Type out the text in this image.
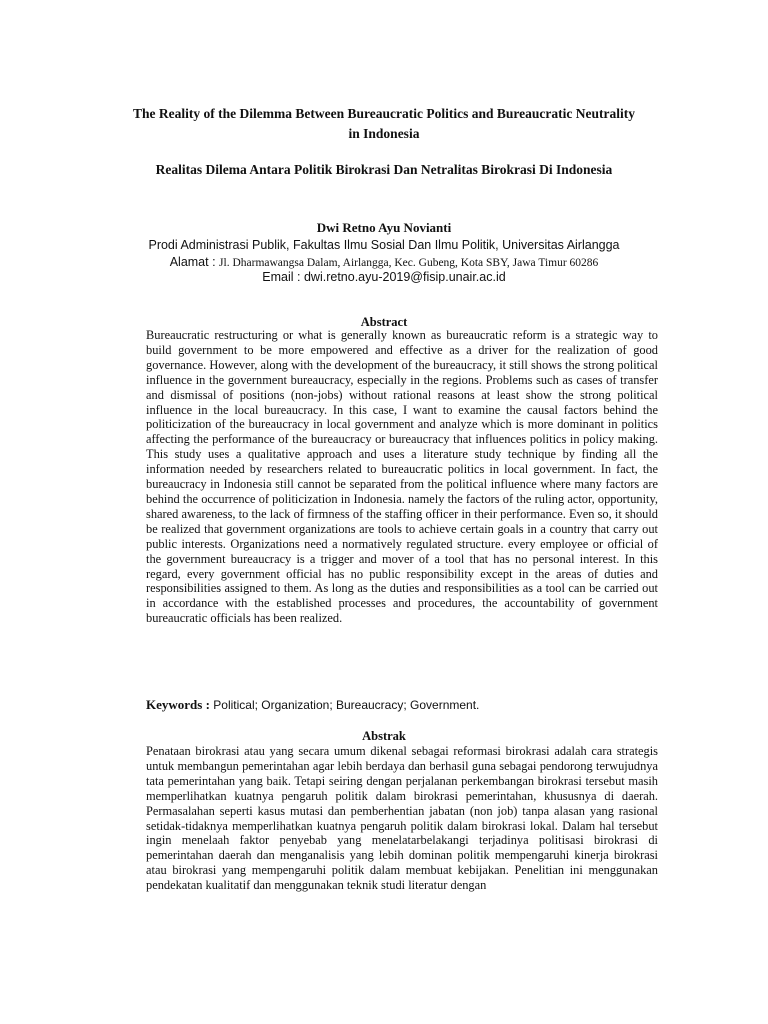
The Reality of the Dilemma Between Bureaucratic Politics and Bureaucratic Neutrality in Indonesia
Realitas Dilema Antara Politik Birokrasi Dan Netralitas Birokrasi Di Indonesia
Dwi Retno Ayu Novianti
Prodi Administrasi Publik, Fakultas Ilmu Sosial Dan Ilmu Politik, Universitas Airlangga
Alamat : Jl. Dharmawangsa Dalam, Airlangga, Kec. Gubeng, Kota SBY, Jawa Timur 60286
Email : dwi.retno.ayu-2019@fisip.unair.ac.id
Abstract

Bureaucratic restructuring or what is generally known as bureaucratic reform is a strategic way to build government to be more empowered and effective as a driver for the realization of good governance. However, along with the development of the bureaucracy, it still shows the strong political influence in the government bureaucracy, especially in the regions. Problems such as cases of transfer and dismissal of positions (non-jobs) without rational reasons at least show the strong political influence in the local bureaucracy. In this case, I want to examine the causal factors behind the politicization of the bureaucracy in local government and analyze which is more dominant in politics affecting the performance of the bureaucracy or bureaucracy that influences politics in policy making. This study uses a qualitative approach and uses a literature study technique by finding all the information needed by researchers related to bureaucratic politics in local government. In fact, the bureaucracy in Indonesia still cannot be separated from the political influence where many factors are behind the occurrence of politicization in Indonesia. namely the factors of the ruling actor, opportunity, shared awareness, to the lack of firmness of the staffing officer in their performance. Even so, it should be realized that government organizations are tools to achieve certain goals in a country that carry out public interests. Organizations need a normatively regulated structure. every employee or official of the government bureaucracy is a trigger and mover of a tool that has no personal interest. In this regard, every government official has no public responsibility except in the areas of duties and responsibilities assigned to them. As long as the duties and responsibilities as a tool can be carried out in accordance with the established processes and procedures, the accountability of government bureaucratic officials has been realized.

Keywords : Political; Organization; Bureaucracy; Government.
Abstrak

Penataan birokrasi atau yang secara umum dikenal sebagai reformasi birokrasi adalah cara strategis untuk membangun pemerintahan agar lebih berdaya dan berhasil guna sebagai pendorong terwujudnya tata pemerintahan yang baik. Tetapi seiring dengan perjalanan perkembangan birokrasi tersebut masih memperlihatkan kuatnya pengaruh politik dalam birokrasi pemerintahan, khususnya di daerah. Permasalahan seperti kasus mutasi dan pemberhentian jabatan (non job) tanpa alasan yang rasional setidak-tidaknya memperlihatkan kuatnya pengaruh politik dalam birokrasi lokal. Dalam hal tersebut ingin menelaah faktor penyebab yang menelatarbelakangi terjadinya politisasi birokrasi di pemerintahan daerah dan menganalisis yang lebih dominan politik mempengaruhi kinerja birokrasi atau birokrasi yang mempengaruhi politik dalam membuat kebijakan. Penelitian ini menggunakan pendekatan kualitatif dan menggunakan teknik studi literatur dengan
